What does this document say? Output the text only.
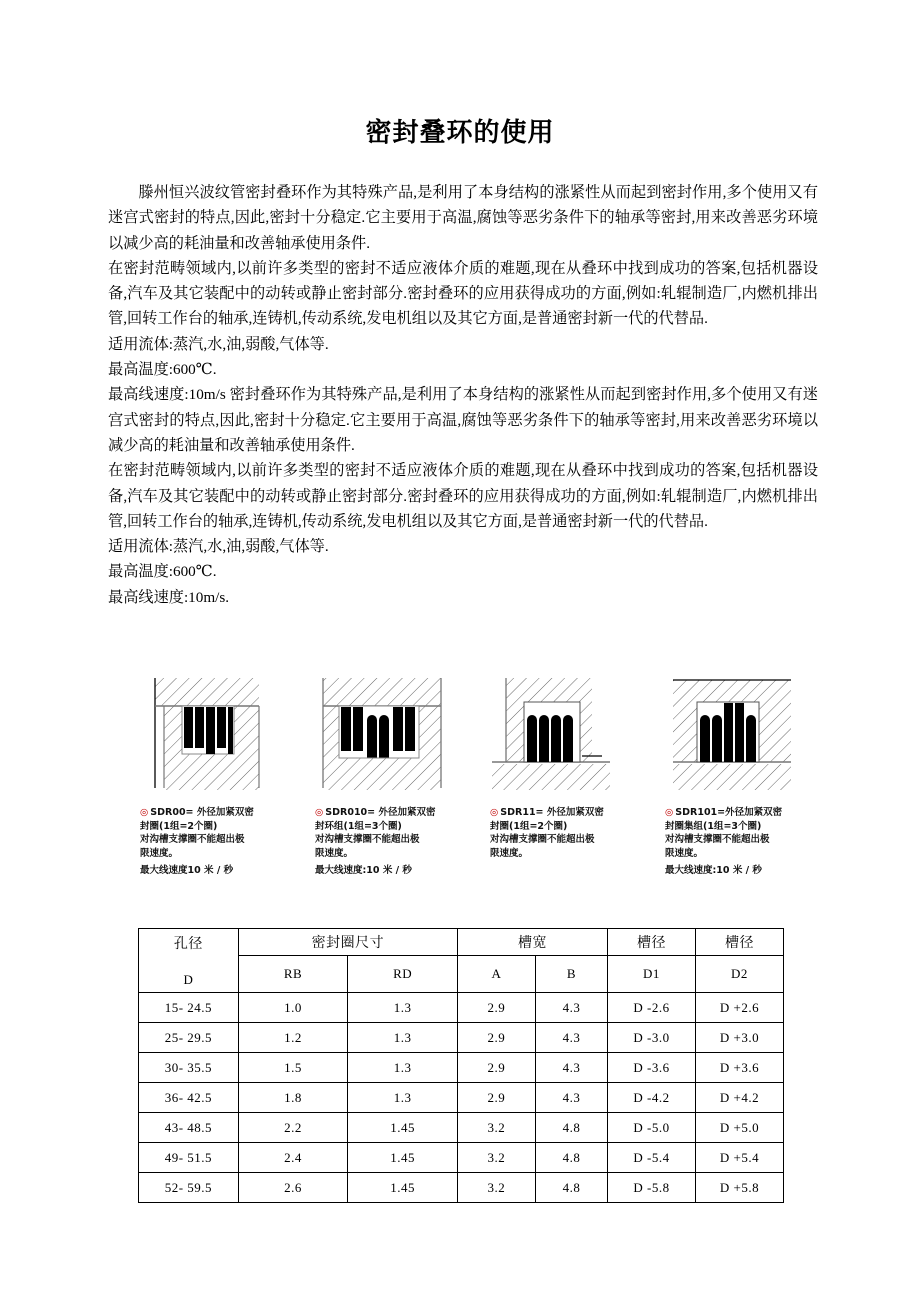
密封叠环的使用

滕州恒兴波纹管密封叠环作为其特殊产品,是利用了本身结构的涨紧性从而起到密封作用,多个使用又有迷宫式密封的特点,因此,密封十分稳定.它主要用于高温,腐蚀等恶劣条件下的轴承等密封,用来改善恶劣环境以减少高的耗油量和改善轴承使用条件.

在密封范畴领域内,以前许多类型的密封不适应液体介质的难题,现在从叠环中找到成功的答案,包括机器设备,汽车及其它装配中的动转或静止密封部分.密封叠环的应用获得成功的方面,例如:轧辊制造厂,内燃机排出管,回转工作台的轴承,连铸机,传动系统,发电机组以及其它方面,是普通密封新一代的代替品.

适用流体:蒸汽,水,油,弱酸,气体等.

最高温度:600℃.

最高线速度:10m/s 密封叠环作为其特殊产品,是利用了本身结构的涨紧性从而起到密封作用,多个使用又有迷宫式密封的特点,因此,密封十分稳定.它主要用于高温,腐蚀等恶劣条件下的轴承等密封,用来改善恶劣环境以减少高的耗油量和改善轴承使用条件.

在密封范畴领域内,以前许多类型的密封不适应液体介质的难题,现在从叠环中找到成功的答案,包括机器设备,汽车及其它装配中的动转或静止密封部分.密封叠环的应用获得成功的方面,例如:轧辊制造厂,内燃机排出管,回转工作台的轴承,连铸机,传动系统,发电机组以及其它方面,是普通密封新一代的代替品.

适用流体:蒸汽,水,油,弱酸,气体等.

最高温度:600℃.

最高线速度:10m/s.

◎ SDR00= 外径加紧双密
封圈(1组=2个圈)
对沟槽支撑圈不能超出极
限速度。
最大线速度10 米 / 秒
◎ SDR010= 外径加紧双密
封环组(1组=3个圈)
对沟槽支撑圈不能超出极
限速度。
最大线速度:10 米 / 秒
◎ SDR11= 外径加紧双密
封圈(1组=2个圈)
对沟槽支撑圈不能超出极
限速度。
◎ SDR101=外径加紧双密
封圈集组(1组=3个圈)
对沟槽支撑圈不能超出极
限速度。
最大线速度:10 米 / 秒
孔径
D	密封圈尺寸		槽宽		槽径	槽径
	RB	RD	A	B	D1	D2
15- 24.5	1.0	1.3	2.9	4.3	D -2.6	D +2.6
25- 29.5	1.2	1.3	2.9	4.3	D -3.0	D +3.0
30- 35.5	1.5	1.3	2.9	4.3	D -3.6	D +3.6
36- 42.5	1.8	1.3	2.9	4.3	D -4.2	D +4.2
43- 48.5	2.2	1.45	3.2	4.8	D -5.0	D +5.0
49- 51.5	2.4	1.45	3.2	4.8	D -5.4	D +5.4
52- 59.5	2.6	1.45	3.2	4.8	D -5.8	D +5.8
